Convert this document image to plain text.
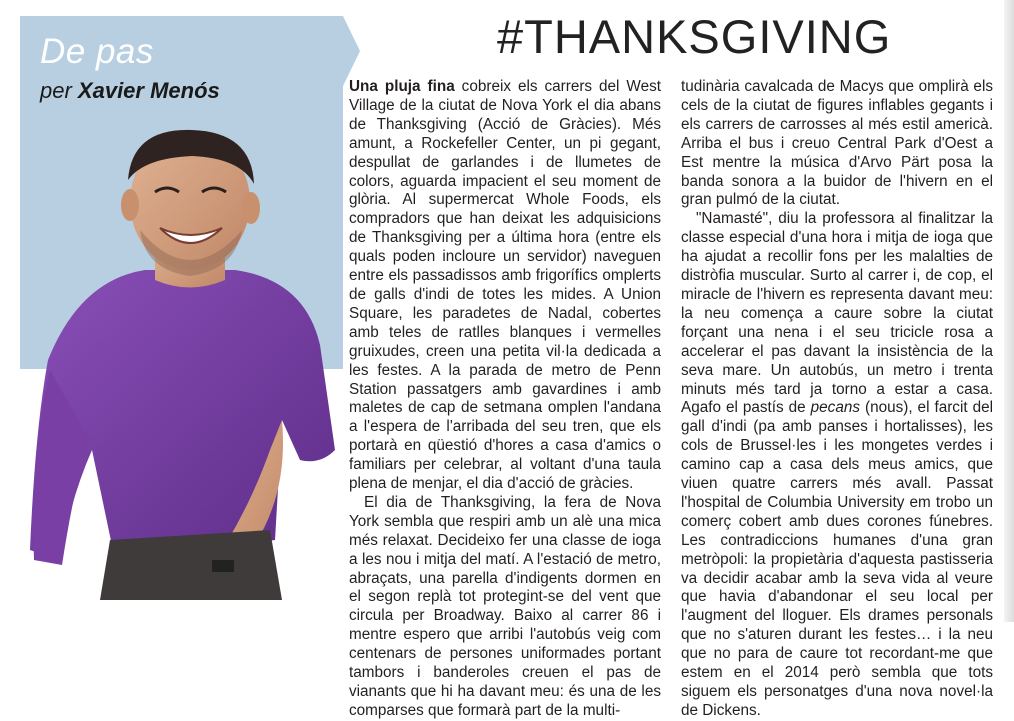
De pas
per Xavier Menós
#THANKSGIVING

Una pluja fina cobreix els carrers del West Village de la ciutat de Nova York el dia abans de Thanksgiving (Acció de Gràcies). Més amunt, a Rockefeller Center, un pi gegant, despullat de garlandes i de llumetes de colors, aguarda impacient el seu moment de glòria. Al supermercat Whole Foods, els compradors que han deixat les adquisicions de Thanksgiving per a última hora (entre els quals poden incloure un servidor) naveguen entre els passadissos amb frigorífics omplerts de galls d'indi de totes les mides. A Union Square, les paradetes de Nadal, cobertes amb teles de ratlles blanques i vermelles gruixudes, creen una petita vil·la dedicada a les festes. A la parada de metro de Penn Station passatgers amb gavardines i amb maletes de cap de setmana omplen l'andana a l'espera de l'arribada del seu tren, que els portarà en qüestió d'hores a casa d'amics o familiars per celebrar, al voltant d'una taula plena de menjar, el dia d'acció de gràcies.

El dia de Thanksgiving, la fera de Nova York sembla que respiri amb un alè una mica més relaxat. Decideixo fer una classe de ioga a les nou i mitja del matí. A l'estació de metro, abraçats, una parella d'indigents dormen en el segon replà tot protegint-se del vent que circula per Broadway. Baixo al carrer 86 i mentre espero que arribi l'autobús veig com centenars de persones uniformades portant tambors i banderoles creuen el pas de vianants que hi ha davant meu: és una de les comparses que formarà part de la multi-

tudinària cavalcada de Macys que omplirà els cels de la ciutat de figures inflables gegants i els carrers de carrosses al més estil americà. Arriba el bus i creuo Central Park d'Oest a Est mentre la música d'Arvo Pärt posa la banda sonora a la buidor de l'hivern en el gran pulmó de la ciutat.

"Namasté", diu la professora al finalitzar la classe especial d'una hora i mitja de ioga que ha ajudat a recollir fons per les malalties de distròfia muscular. Surto al carrer i, de cop, el miracle de l'hivern es representa davant meu: la neu comença a caure sobre la ciutat forçant una nena i el seu tricicle rosa a accelerar el pas davant la insistència de la seva mare. Un autobús, un metro i trenta minuts més tard ja torno a estar a casa. Agafo el pastís de pecans (nous), el farcit del gall d'indi (pa amb panses i hortalisses), les cols de Brussel·les i les mongetes verdes i camino cap a casa dels meus amics, que viuen quatre carrers més avall. Passat l'hospital de Columbia University em trobo un comerç cobert amb dues corones fúnebres. Les contradiccions humanes d'una gran metròpoli: la propietària d'aquesta pastisseria va decidir acabar amb la seva vida al veure que havia d'abandonar el seu local per l'augment del lloguer. Els drames personals que no s'aturen durant les festes… i la neu que no para de caure tot recordant-me que estem en el 2014 però sembla que tots siguem els personatges d'una nova novel·la de Dickens.
